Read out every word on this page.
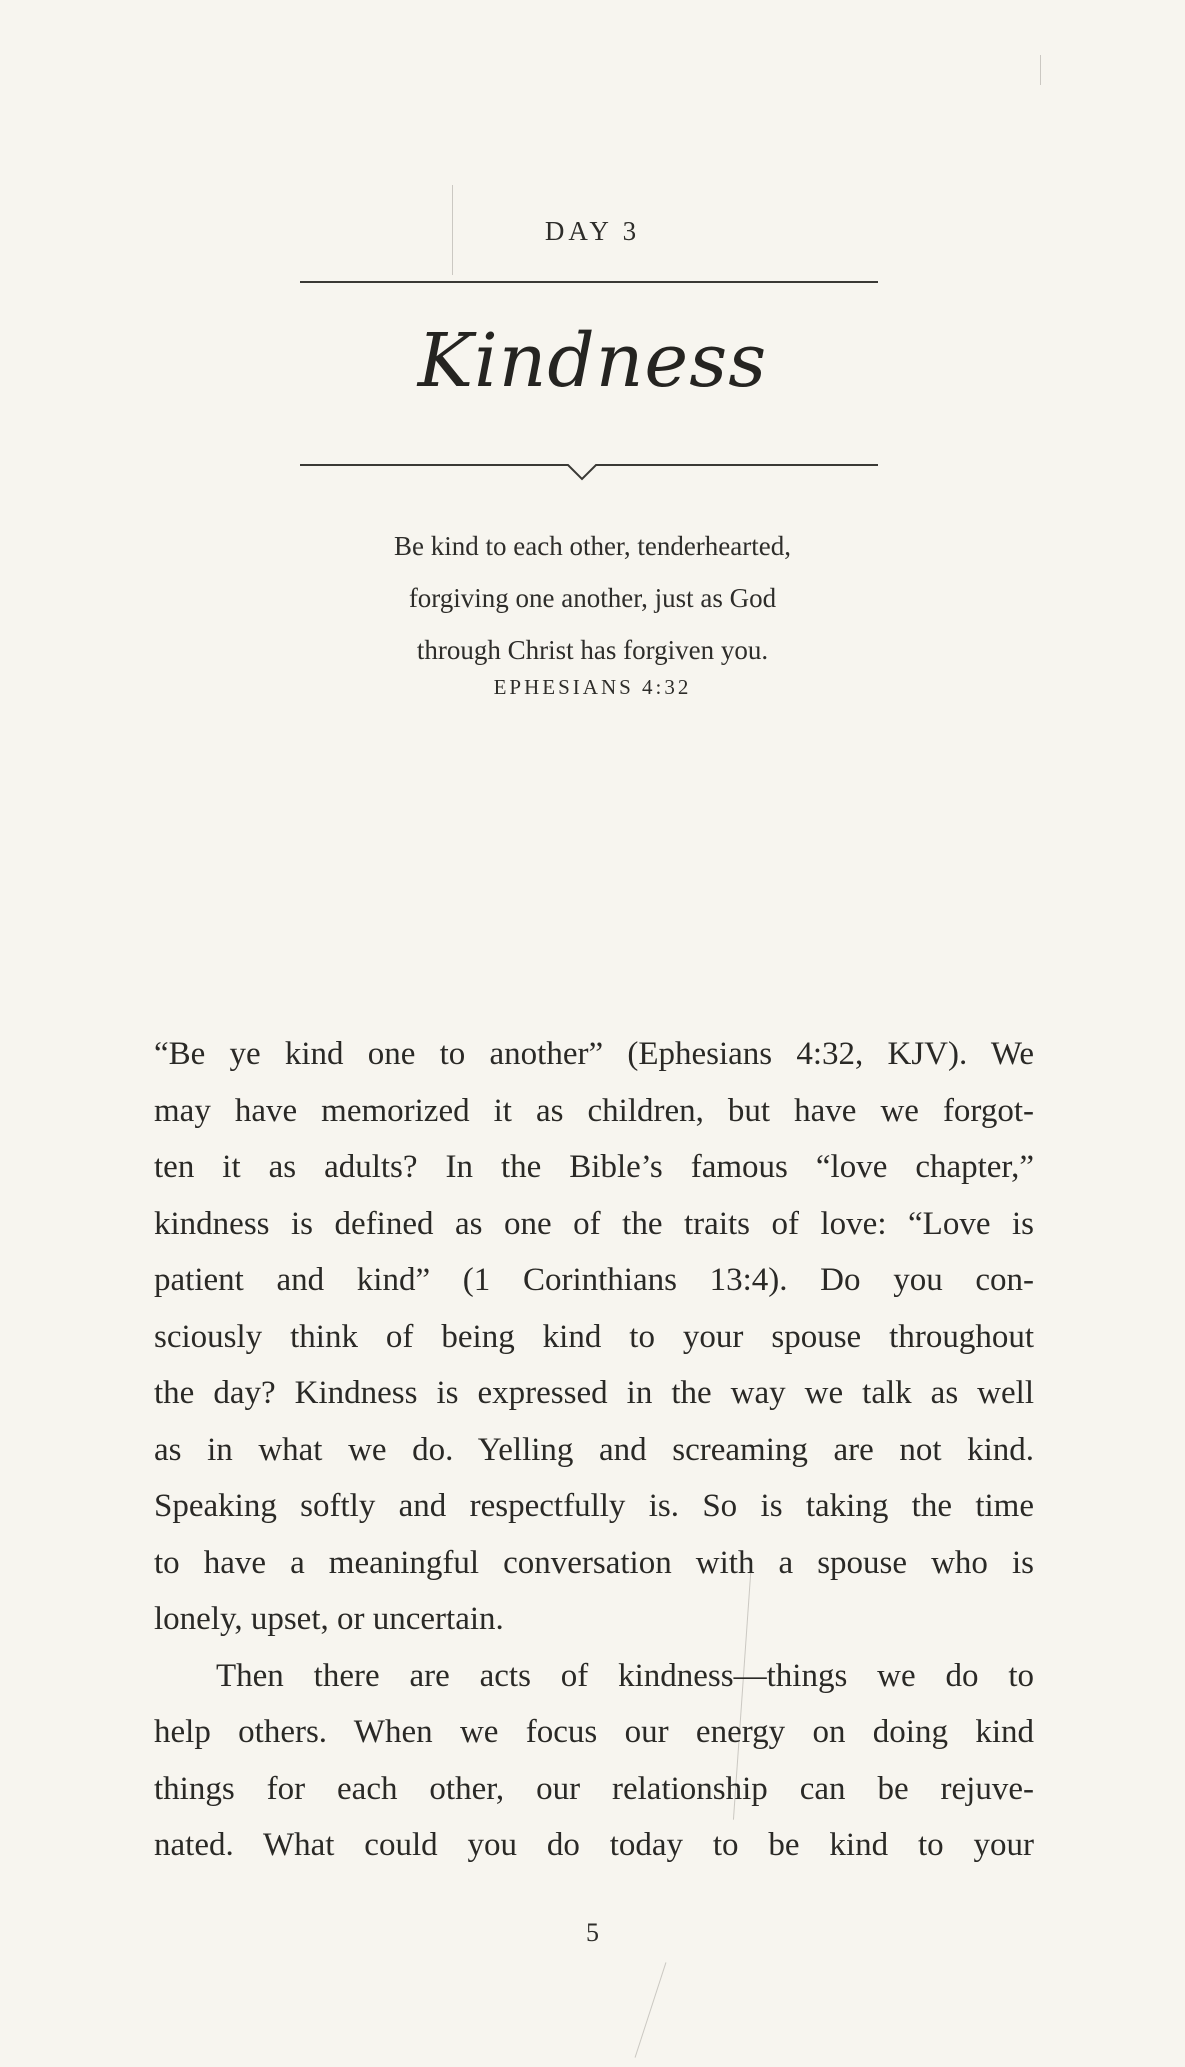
DAY 3
Kindness
Be kind to each other, tenderhearted,
forgiving one another, just as God
through Christ has forgiven you.
EPHESIANS 4:32
“Be ye kind one to another” (Ephesians 4:32, KJV). We
may have memorized it as children, but have we forgot-
ten it as adults? In the Bible’s famous “love chapter,”
kindness is defined as one of the traits of love: “Love is
patient and kind” (1 Corinthians 13:4). Do you con-
sciously think of being kind to your spouse throughout
the day? Kindness is expressed in the way we talk as well
as in what we do. Yelling and screaming are not kind.
Speaking softly and respectfully is. So is taking the time
to have a meaningful conversation with a spouse who is
lonely, upset, or uncertain.
Then there are acts of kindness—things we do to
help others. When we focus our energy on doing kind
things for each other, our relationship can be rejuve-
nated. What could you do today to be kind to your
5
